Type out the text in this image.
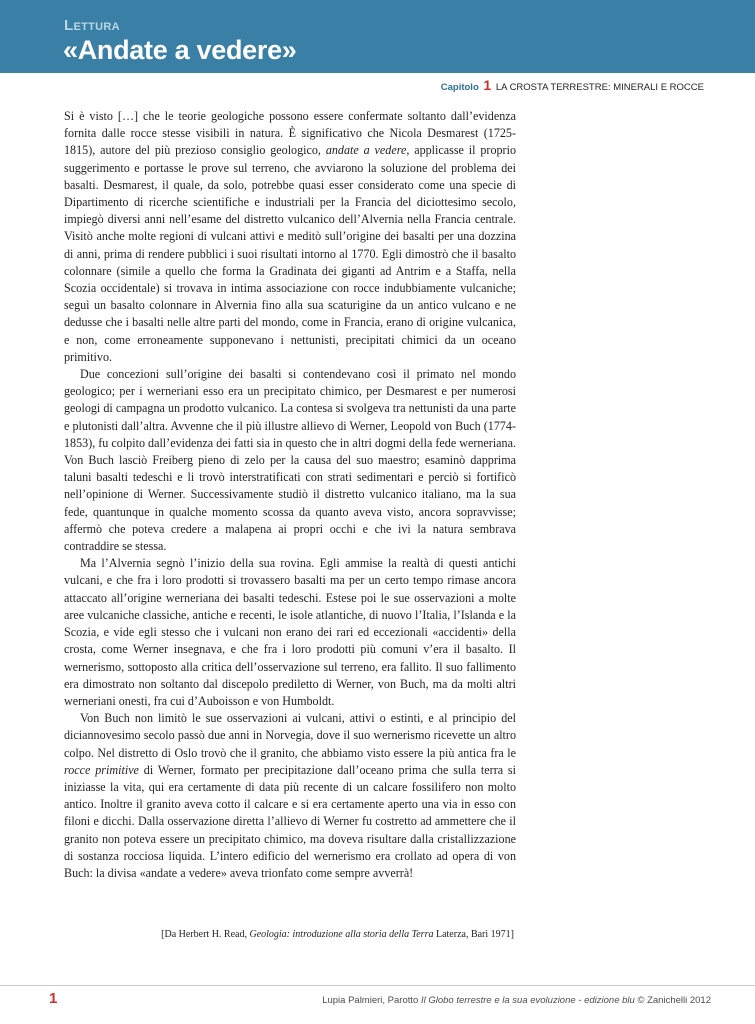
Lettura
«Andate a vedere»
Capitolo 1 LA CROSTA TERRESTRE: MINERALI E ROCCE

Si è visto […] che le teorie geologiche possono essere confermate soltanto dall’evidenza fornita dalle rocce stesse visibili in natura. È significativo che Nicola Desmarest (1725-1815), autore del più prezioso consiglio geologico, andate a vedere, applicasse il proprio suggerimento e portasse le prove sul terreno, che avviarono la soluzione del problema dei basalti. Desmarest, il quale, da solo, potrebbe quasi esser considerato come una specie di Dipartimento di ricerche scientifiche e industriali per la Francia del diciottesimo secolo, impiegò diversi anni nell’esame del distretto vulcanico dell’Alvernia nella Francia centrale. Visitò anche molte regioni di vulcani attivi e meditò sull’origine dei basalti per una dozzina di anni, prima di rendere pubblici i suoi risultati intorno al 1770. Egli dimostrò che il basalto colonnare (simile a quello che forma la Gradinata dei giganti ad Antrim e a Staffa, nella Scozia occidentale) si trovava in intima associazione con rocce indubbiamente vulcaniche; seguì un basalto colonnare in Alvernia fino alla sua scaturigine da un antico vulcano e ne dedusse che i basalti nelle altre parti del mondo, come in Francia, erano di origine vulcanica, e non, come erroneamente supponevano i nettunisti, precipitati chimici da un oceano primitivo.

Due concezioni sull’origine dei basalti si contendevano così il primato nel mondo geologico; per i werneriani esso era un precipitato chimico, per Desmarest e per numerosi geologi di campagna un prodotto vulcanico. La contesa si svolgeva tra nettunisti da una parte e plutonisti dall’altra. Avvenne che il più illustre allievo di Werner, Leopold von Buch (1774-1853), fu colpito dall’evidenza dei fatti sia in questo che in altri dogmi della fede werneriana. Von Buch lasciò Freiberg pieno di zelo per la causa del suo maestro; esaminò dapprima taluni basalti tedeschi e li trovò interstratificati con strati sedimentari e perciò si fortificò nell’opinione di Werner. Successivamente studiò il distretto vulcanico italiano, ma la sua fede, quantunque in qualche momento scossa da quanto aveva visto, ancora sopravvisse; affermò che poteva credere a malapena ai propri occhi e che ivi la natura sembrava contraddire se stessa.

Ma l’Alvernia segnò l’inizio della sua rovina. Egli ammise la realtà di questi antichi vulcani, e che fra i loro prodotti si trovassero basalti ma per un certo tempo rimase ancora attaccato all’origine werneriana dei basalti tedeschi. Estese poi le sue osservazioni a molte aree vulcaniche classiche, antiche e recenti, le isole atlantiche, di nuovo l’Italia, l’Islanda e la Scozia, e vide egli stesso che i vulcani non erano dei rari ed eccezionali «accidenti» della crosta, come Werner insegnava, e che fra i loro prodotti più comuni v’era il basalto. Il wernerismo, sottoposto alla critica dell’osservazione sul terreno, era fallito. Il suo fallimento era dimostrato non soltanto dal discepolo prediletto di Werner, von Buch, ma da molti altri werneriani onesti, fra cui d’Auboisson e von Humboldt.

Von Buch non limitò le sue osservazioni ai vulcani, attivi o estinti, e al principio del diciannovesimo secolo passò due anni in Norvegia, dove il suo wernerismo ricevette un altro colpo. Nel distretto di Oslo trovò che il granito, che abbiamo visto essere la più antica fra le rocce primitive di Werner, formato per precipitazione dall’oceano prima che sulla terra si iniziasse la vita, qui era certamente di data più recente di un calcare fossilifero non molto antico. Inoltre il granito aveva cotto il calcare e si era certamente aperto una via in esso con filoni e dicchi. Dalla osservazione diretta l’allievo di Werner fu costretto ad ammettere che il granito non poteva essere un precipitato chimico, ma doveva risultare dalla cristallizzazione di sostanza rocciosa liquida. L’intero edificio del wernerismo era crollato ad opera di von Buch: la divisa «andate a vedere» aveva trionfato come sempre avverrà!

[Da Herbert H. Read, Geologia: introduzione alla storia della Terra Laterza, Bari 1971]
1	Lupia Palmieri, Parotto Il Globo terrestre e la sua evoluzione - edizione blu © Zanichelli 2012
